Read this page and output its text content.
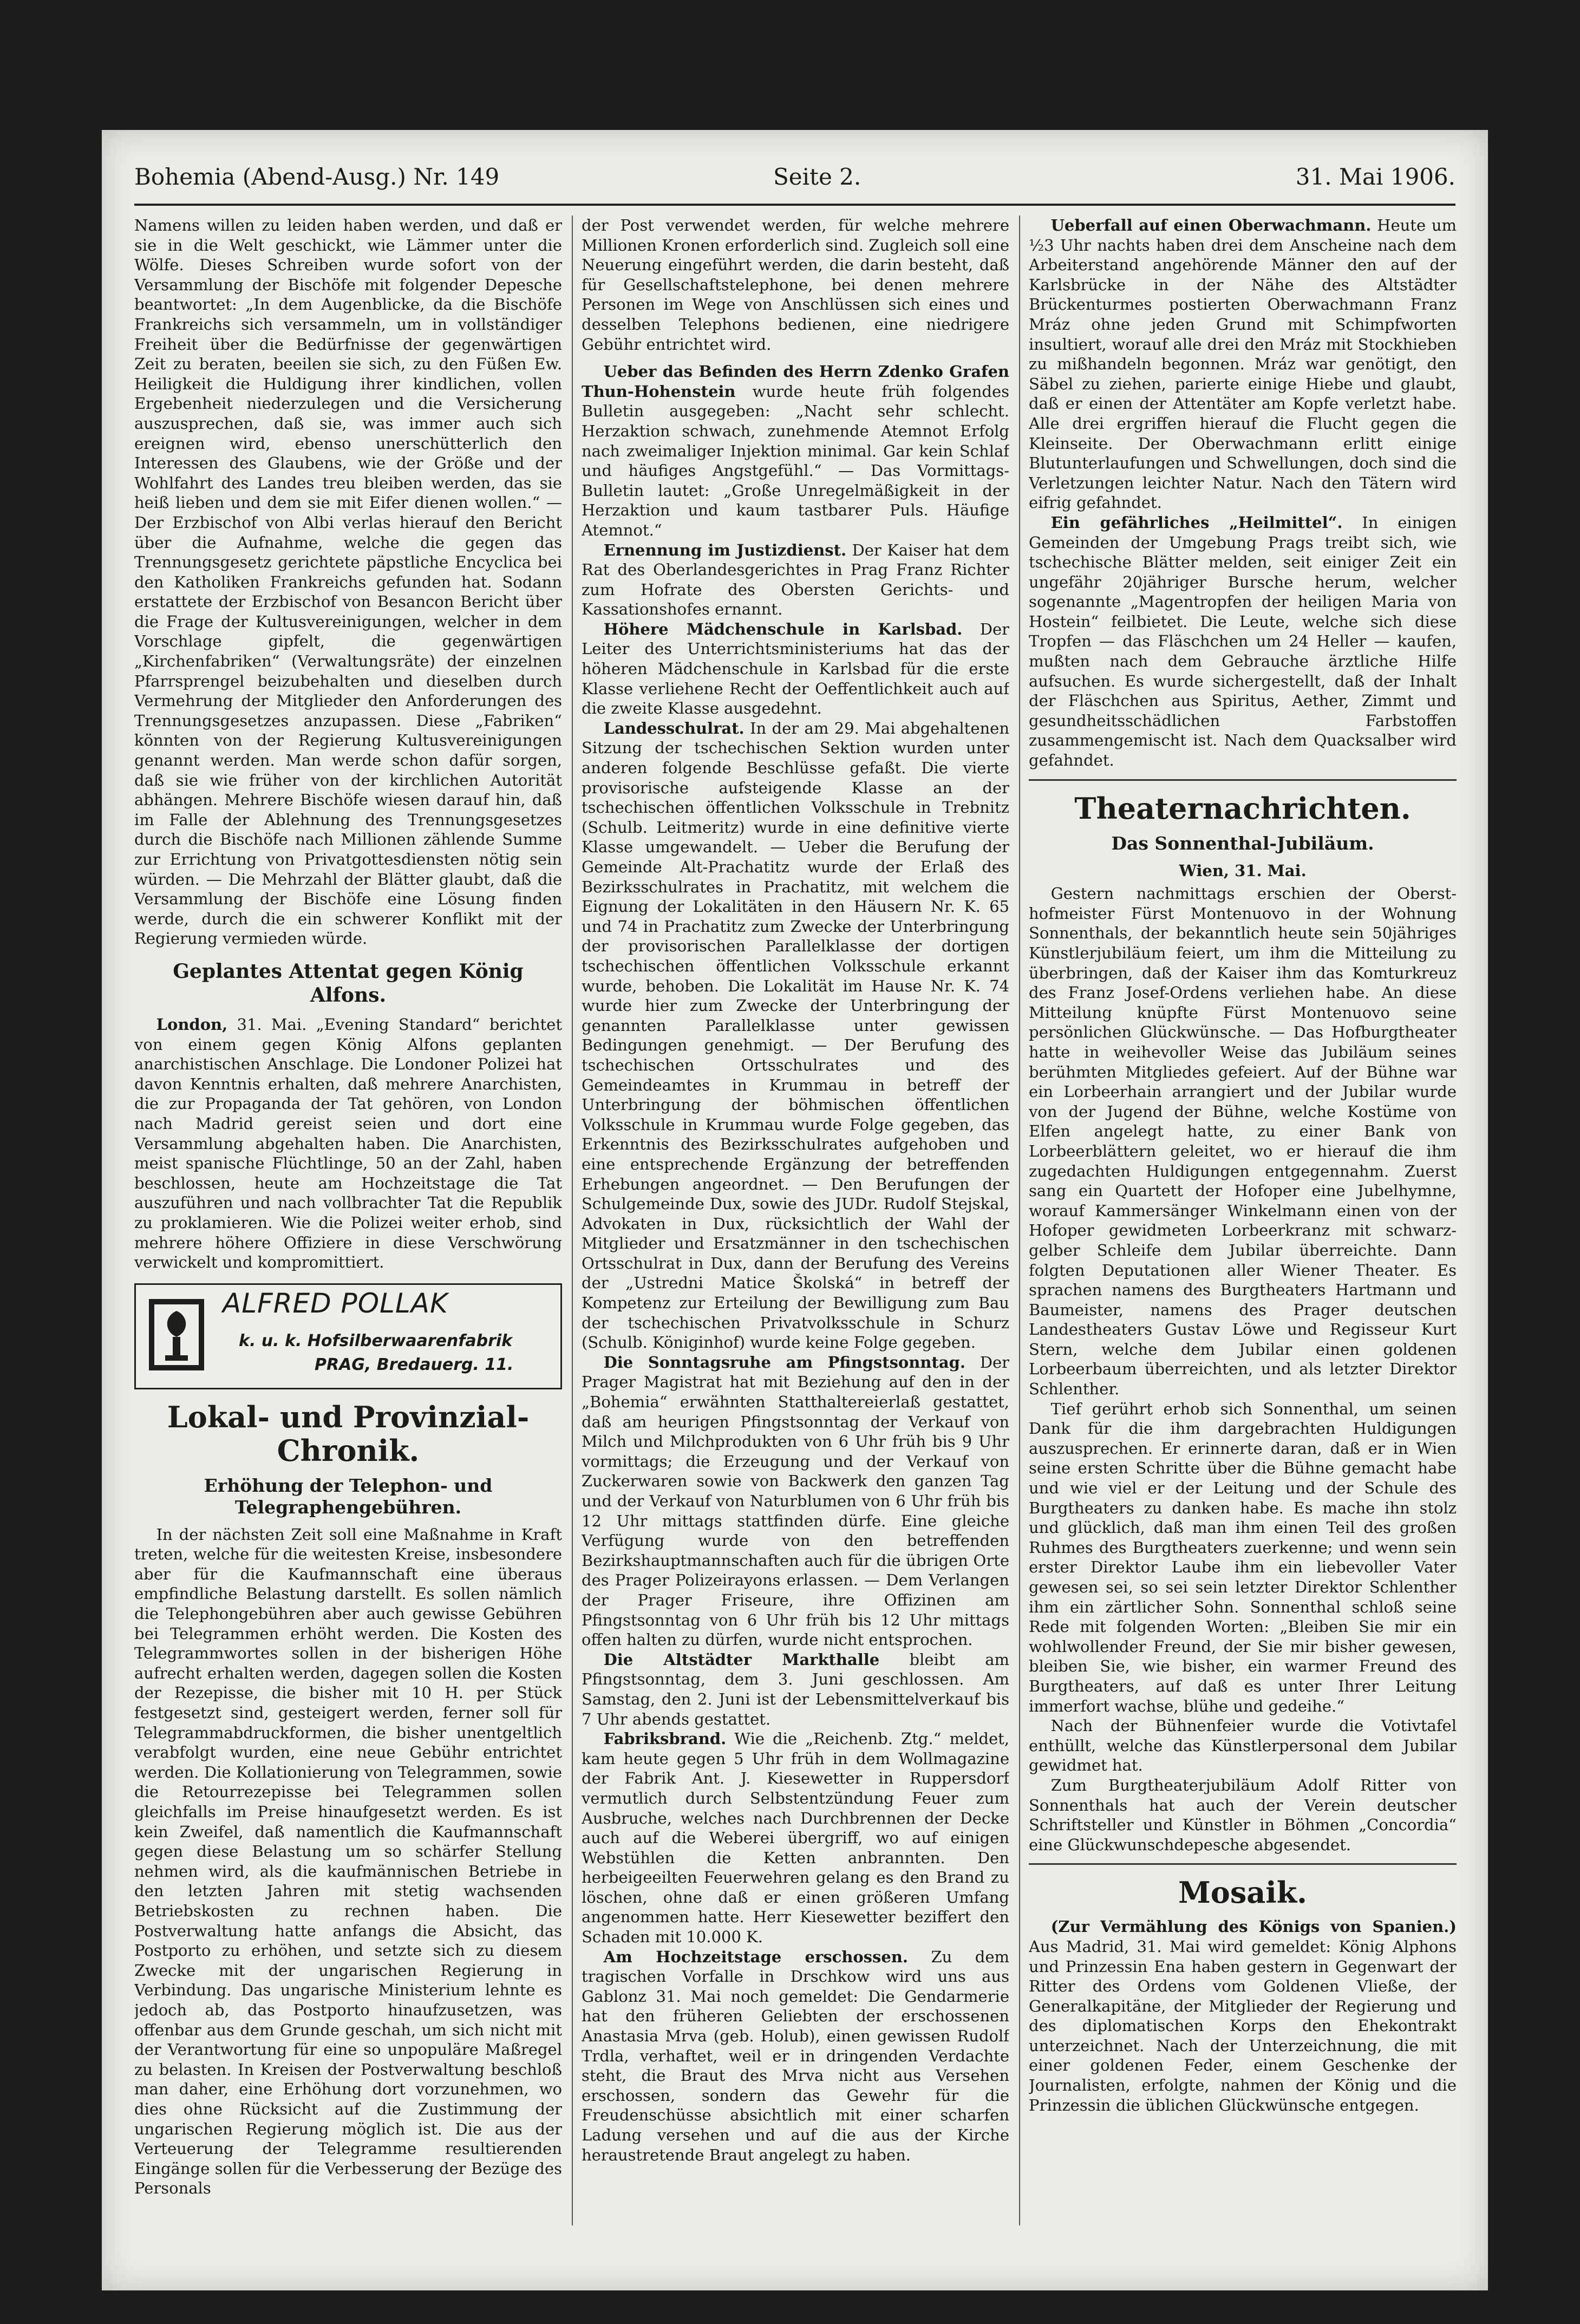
Bohemia (Abend-Ausg.) Nr. 149	Seite 2.	31. Mai 1906.

Namens willen zu leiden haben werden, und daß er sie in die Welt geschickt, wie Lämmer unter die Wölfe. Dieses Schreiben wurde sofort von der Versammlung der Bischöfe mit folgender Depesche beantwortet: „In dem Augenblicke, da die Bischöfe Frankreichs sich versammeln, um in vollständiger Freiheit über die Bedürfnisse der gegenwärtigen Zeit zu beraten, beeilen sie sich, zu den Füßen Ew. Heiligkeit die Huldigung ihrer kindlichen, vollen Ergebenheit niederzulegen und die Versicherung auszusprechen, daß sie, was immer auch sich ereignen wird, ebenso unerschütterlich den Interessen des Glaubens, wie der Größe und der Wohlfahrt des Landes treu bleiben werden, das sie heiß lieben und dem sie mit Eifer dienen wollen.“ — Der Erzbischof von Albi verlas hierauf den Bericht über die Aufnahme, welche die gegen das Trennungsgesetz gerichtete päpstliche Encyclica bei den Katholiken Frankreichs gefunden hat. Sodann erstattete der Erzbischof von Besancon Bericht über die Frage der Kultusvereinigungen, welcher in dem Vorschlage gipfelt, die gegenwärtigen „Kirchenfabriken“ (Verwaltungsräte) der einzelnen Pfarrsprengel beizubehalten und dieselben durch Vermehrung der Mitglieder den Anforderungen des Trennungsgesetzes anzupassen. Diese „Fabriken“ könnten von der Regierung Kultusvereinigungen genannt werden. Man werde schon dafür sorgen, daß sie wie früher von der kirchlichen Autorität abhängen. Mehrere Bischöfe wiesen darauf hin, daß im Falle der Ablehnung des Trennungsgesetzes durch die Bischöfe nach Millionen zählende Summe zur Errichtung von Privatgottesdiensten nötig sein würden. — Die Mehrzahl der Blätter glaubt, daß die Versammlung der Bischöfe eine Lösung finden werde, durch die ein schwerer Konflikt mit der Regierung vermieden würde.

Geplantes Attentat gegen König Alfons.

London, 31. Mai. „Evening Standard“ berichtet von einem gegen König Alfons geplanten anarchistischen Anschlage. Die Londoner Polizei hat davon Kenntnis erhalten, daß mehrere Anarchisten, die zur Propaganda der Tat gehören, von London nach Madrid gereist seien und dort eine Versammlung abgehalten haben. Die Anarchisten, meist spanische Flüchtlinge, 50 an der Zahl, haben beschlossen, heute am Hochzeitstage die Tat auszuführen und nach vollbrachter Tat die Republik zu proklamieren. Wie die Polizei weiter erhob, sind mehrere höhere Offiziere in diese Verschwörung verwickelt und kompromittiert.

ALFRED POLLAK
k. u. k. Hofsilberwaarenfabrik
PRAG, Bredauerg. 11.
Lokal- und Provinzial-Chronik.
Erhöhung der Telephon- und Telegraphengebühren.

In der nächsten Zeit soll eine Maßnahme in Kraft treten, welche für die weitesten Kreise, insbesondere aber für die Kaufmannschaft eine überaus empfindliche Belastung darstellt. Es sollen nämlich die Telephongebühren aber auch gewisse Gebühren bei Telegrammen erhöht werden. Die Kosten des Telegrammwortes sollen in der bisherigen Höhe aufrecht erhalten werden, dagegen sollen die Kosten der Rezepisse, die bisher mit 10 H. per Stück festgesetzt sind, gesteigert werden, ferner soll für Telegrammabdruckformen, die bisher unentgeltlich verabfolgt wurden, eine neue Gebühr entrichtet werden. Die Kollationierung von Telegrammen, sowie die Retourrezepisse bei Telegrammen sollen gleichfalls im Preise hinaufgesetzt werden. Es ist kein Zweifel, daß namentlich die Kaufmannschaft gegen diese Belastung um so schärfer Stellung nehmen wird, als die kaufmännischen Betriebe in den letzten Jahren mit stetig wachsenden Betriebskosten zu rechnen haben. Die Postverwaltung hatte anfangs die Absicht, das Postporto zu erhöhen, und setzte sich zu diesem Zwecke mit der ungarischen Regierung in Verbindung. Das ungarische Ministerium lehnte es jedoch ab, das Postporto hinaufzusetzen, was offenbar aus dem Grunde geschah, um sich nicht mit der Verantwortung für eine so unpopuläre Maßregel zu belasten. In Kreisen der Postverwaltung beschloß man daher, eine Erhöhung dort vorzunehmen, wo dies ohne Rücksicht auf die Zustimmung der ungarischen Regierung möglich ist. Die aus der Verteuerung der Telegramme resultierenden Eingänge sollen für die Verbesserung der Bezüge des Personals

der Post verwendet werden, für welche mehrere Millionen Kronen erforderlich sind. Zugleich soll eine Neuerung eingeführt werden, die darin besteht, daß für Gesellschaftstelephone, bei denen mehrere Personen im Wege von Anschlüssen sich eines und desselben Telephons bedienen, eine niedrigere Gebühr entrichtet wird.

Ueber das Befinden des Herrn Zdenko Grafen Thun-Hohenstein wurde heute früh folgendes Bulletin ausgegeben: „Nacht sehr schlecht. Herzaktion schwach, zunehmende Atemnot Erfolg nach zweimaliger Injektion minimal. Gar kein Schlaf und häufiges Angstgefühl.“ — Das Vormittags-Bulletin lautet: „Große Unregelmäßigkeit in der Herzaktion und kaum tastbarer Puls. Häufige Atemnot.“

Ernennung im Justizdienst. Der Kaiser hat dem Rat des Oberlandesgerichtes in Prag Franz Richter zum Hofrate des Obersten Gerichts- und Kassationshofes ernannt.

Höhere Mädchenschule in Karlsbad. Der Leiter des Unterrichtsministeriums hat das der höheren Mädchenschule in Karlsbad für die erste Klasse verliehene Recht der Oeffentlichkeit auch auf die zweite Klasse ausgedehnt.

Landesschulrat. In der am 29. Mai abgehaltenen Sitzung der tschechischen Sektion wurden unter anderen folgende Beschlüsse gefaßt. Die vierte provisorische aufsteigende Klasse an der tschechischen öffentlichen Volksschule in Trebnitz (Schulb. Leitmeritz) wurde in eine definitive vierte Klasse umgewandelt. — Ueber die Berufung der Gemeinde Alt-Prachatitz wurde der Erlaß des Bezirksschulrates in Prachatitz, mit welchem die Eignung der Lokalitäten in den Häusern Nr. K. 65 und 74 in Prachatitz zum Zwecke der Unterbringung der provisorischen Parallelklasse der dortigen tschechischen öffentlichen Volksschule erkannt wurde, behoben. Die Lokalität im Hause Nr. K. 74 wurde hier zum Zwecke der Unterbringung der genannten Parallelklasse unter gewissen Bedingungen genehmigt. — Der Berufung des tschechischen Ortsschulrates und des Gemeindeamtes in Krummau in betreff der Unterbringung der böhmischen öffentlichen Volksschule in Krummau wurde Folge gegeben, das Erkenntnis des Bezirksschulrates aufgehoben und eine entsprechende Ergänzung der betreffenden Erhebungen angeordnet. — Den Berufungen der Schulgemeinde Dux, sowie des JUDr. Rudolf Stejskal, Advokaten in Dux, rücksichtlich der Wahl der Mitglieder und Ersatzmänner in den tschechischen Ortsschulrat in Dux, dann der Berufung des Vereins der „Ustredni Matice Školská“ in betreff der Kompetenz zur Erteilung der Bewilligung zum Bau der tschechischen Privatvolksschule in Schurz (Schulb. Königinhof) wurde keine Folge gegeben.

Die Sonntagsruhe am Pfingstsonntag. Der Prager Magistrat hat mit Beziehung auf den in der „Bohemia“ erwähnten Statthaltereierlaß gestattet, daß am heurigen Pfingstsonntag der Verkauf von Milch und Milchprodukten von 6 Uhr früh bis 9 Uhr vormittags; die Erzeugung und der Verkauf von Zuckerwaren sowie von Backwerk den ganzen Tag und der Verkauf von Naturblumen von 6 Uhr früh bis 12 Uhr mittags stattfinden dürfe. Eine gleiche Verfügung wurde von den betreffenden Bezirkshauptmannschaften auch für die übrigen Orte des Prager Polizeirayons erlassen. — Dem Verlangen der Prager Friseure, ihre Offizinen am Pfingstsonntag von 6 Uhr früh bis 12 Uhr mittags offen halten zu dürfen, wurde nicht entsprochen.

Die Altstädter Markthalle bleibt am Pfingstsonntag, dem 3. Juni geschlossen. Am Samstag, den 2. Juni ist der Lebensmittelverkauf bis 7 Uhr abends gestattet.

Fabriksbrand. Wie die „Reichenb. Ztg.“ meldet, kam heute gegen 5 Uhr früh in dem Wollmagazine der Fabrik Ant. J. Kiesewetter in Ruppersdorf vermutlich durch Selbstentzündung Feuer zum Ausbruche, welches nach Durchbrennen der Decke auch auf die Weberei übergriff, wo auf einigen Webstühlen die Ketten anbrannten. Den herbeigeeilten Feuerwehren gelang es den Brand zu löschen, ohne daß er einen größeren Umfang angenommen hatte. Herr Kiesewetter beziffert den Schaden mit 10.000 K.

Am Hochzeitstage erschossen. Zu dem tragischen Vorfalle in Drschkow wird uns aus Gablonz 31. Mai noch gemeldet: Die Gendarmerie hat den früheren Geliebten der erschossenen Anastasia Mrva (geb. Holub), einen gewissen Rudolf Trdla, verhaftet, weil er in dringenden Verdachte steht, die Braut des Mrva nicht aus Versehen erschossen, sondern das Gewehr für die Freudenschüsse absichtlich mit einer scharfen Ladung versehen und auf die aus der Kirche heraustretende Braut angelegt zu haben.

Ueberfall auf einen Oberwachmann. Heute um ½3 Uhr nachts haben drei dem Anscheine nach dem Arbeiterstand angehörende Männer den auf der Karlsbrücke in der Nähe des Altstädter Brückenturmes postierten Oberwachmann Franz Mráz ohne jeden Grund mit Schimpfworten insultiert, worauf alle drei den Mráz mit Stockhieben zu mißhandeln begonnen. Mráz war genötigt, den Säbel zu ziehen, parierte einige Hiebe und glaubt, daß er einen der Attentäter am Kopfe verletzt habe. Alle drei ergriffen hierauf die Flucht gegen die Kleinseite. Der Oberwachmann erlitt einige Blutunterlaufungen und Schwellungen, doch sind die Verletzungen leichter Natur. Nach den Tätern wird eifrig gefahndet.

Ein gefährliches „Heilmittel“. In einigen Gemeinden der Umgebung Prags treibt sich, wie tschechische Blätter melden, seit einiger Zeit ein ungefähr 20jähriger Bursche herum, welcher sogenannte „Magentropfen der heiligen Maria von Hostein“ feilbietet. Die Leute, welche sich diese Tropfen — das Fläschchen um 24 Heller — kaufen, mußten nach dem Gebrauche ärztliche Hilfe aufsuchen. Es wurde sichergestellt, daß der Inhalt der Fläschchen aus Spiritus, Aether, Zimmt und gesundheitsschädlichen Farbstoffen zusammengemischt ist. Nach dem Quacksalber wird gefahndet.

Theaternachrichten.
Das Sonnenthal-Jubiläum.
Wien, 31. Mai.

Gestern nachmittags erschien der Oberst-hofmeister Fürst Montenuovo in der Wohnung Sonnenthals, der bekanntlich heute sein 50jähriges Künstlerjubiläum feiert, um ihm die Mitteilung zu überbringen, daß der Kaiser ihm das Komturkreuz des Franz Josef-Ordens verliehen habe. An diese Mitteilung knüpfte Fürst Montenuovo seine persönlichen Glückwünsche. — Das Hofburgtheater hatte in weihevoller Weise das Jubiläum seines berühmten Mitgliedes gefeiert. Auf der Bühne war ein Lorbeerhain arrangiert und der Jubilar wurde von der Jugend der Bühne, welche Kostüme von Elfen angelegt hatte, zu einer Bank von Lorbeerblättern geleitet, wo er hierauf die ihm zugedachten Huldigungen entgegennahm. Zuerst sang ein Quartett der Hofoper eine Jubelhymne, worauf Kammersänger Winkelmann einen von der Hofoper gewidmeten Lorbeerkranz mit schwarz-gelber Schleife dem Jubilar überreichte. Dann folgten Deputationen aller Wiener Theater. Es sprachen namens des Burgtheaters Hartmann und Baumeister, namens des Prager deutschen Landestheaters Gustav Löwe und Regisseur Kurt Stern, welche dem Jubilar einen goldenen Lorbeerbaum überreichten, und als letzter Direktor Schlenther.

Tief gerührt erhob sich Sonnenthal, um seinen Dank für die ihm dargebrachten Huldigungen auszusprechen. Er erinnerte daran, daß er in Wien seine ersten Schritte über die Bühne gemacht habe und wie viel er der Leitung und der Schule des Burgtheaters zu danken habe. Es mache ihn stolz und glücklich, daß man ihm einen Teil des großen Ruhmes des Burgtheaters zuerkenne; und wenn sein erster Direktor Laube ihm ein liebevoller Vater gewesen sei, so sei sein letzter Direktor Schlenther ihm ein zärtlicher Sohn. Sonnenthal schloß seine Rede mit folgenden Worten: „Bleiben Sie mir ein wohlwollender Freund, der Sie mir bisher gewesen, bleiben Sie, wie bisher, ein warmer Freund des Burgtheaters, auf daß es unter Ihrer Leitung immerfort wachse, blühe und gedeihe.“

Nach der Bühnenfeier wurde die Votivtafel enthüllt, welche das Künstlerpersonal dem Jubilar gewidmet hat.

Zum Burgtheaterjubiläum Adolf Ritter von Sonnenthals hat auch der Verein deutscher Schriftsteller und Künstler in Böhmen „Concordia“ eine Glückwunschdepesche abgesendet.

Mosaik.

(Zur Vermählung des Königs von Spanien.) Aus Madrid, 31. Mai wird gemeldet: König Alphons und Prinzessin Ena haben gestern in Gegenwart der Ritter des Ordens vom Goldenen Vließe, der Generalkapitäne, der Mitglieder der Regierung und des diplomatischen Korps den Ehekontrakt unterzeichnet. Nach der Unterzeichnung, die mit einer goldenen Feder, einem Geschenke der Journalisten, erfolgte, nahmen der König und die Prinzessin die üblichen Glückwünsche entgegen.
